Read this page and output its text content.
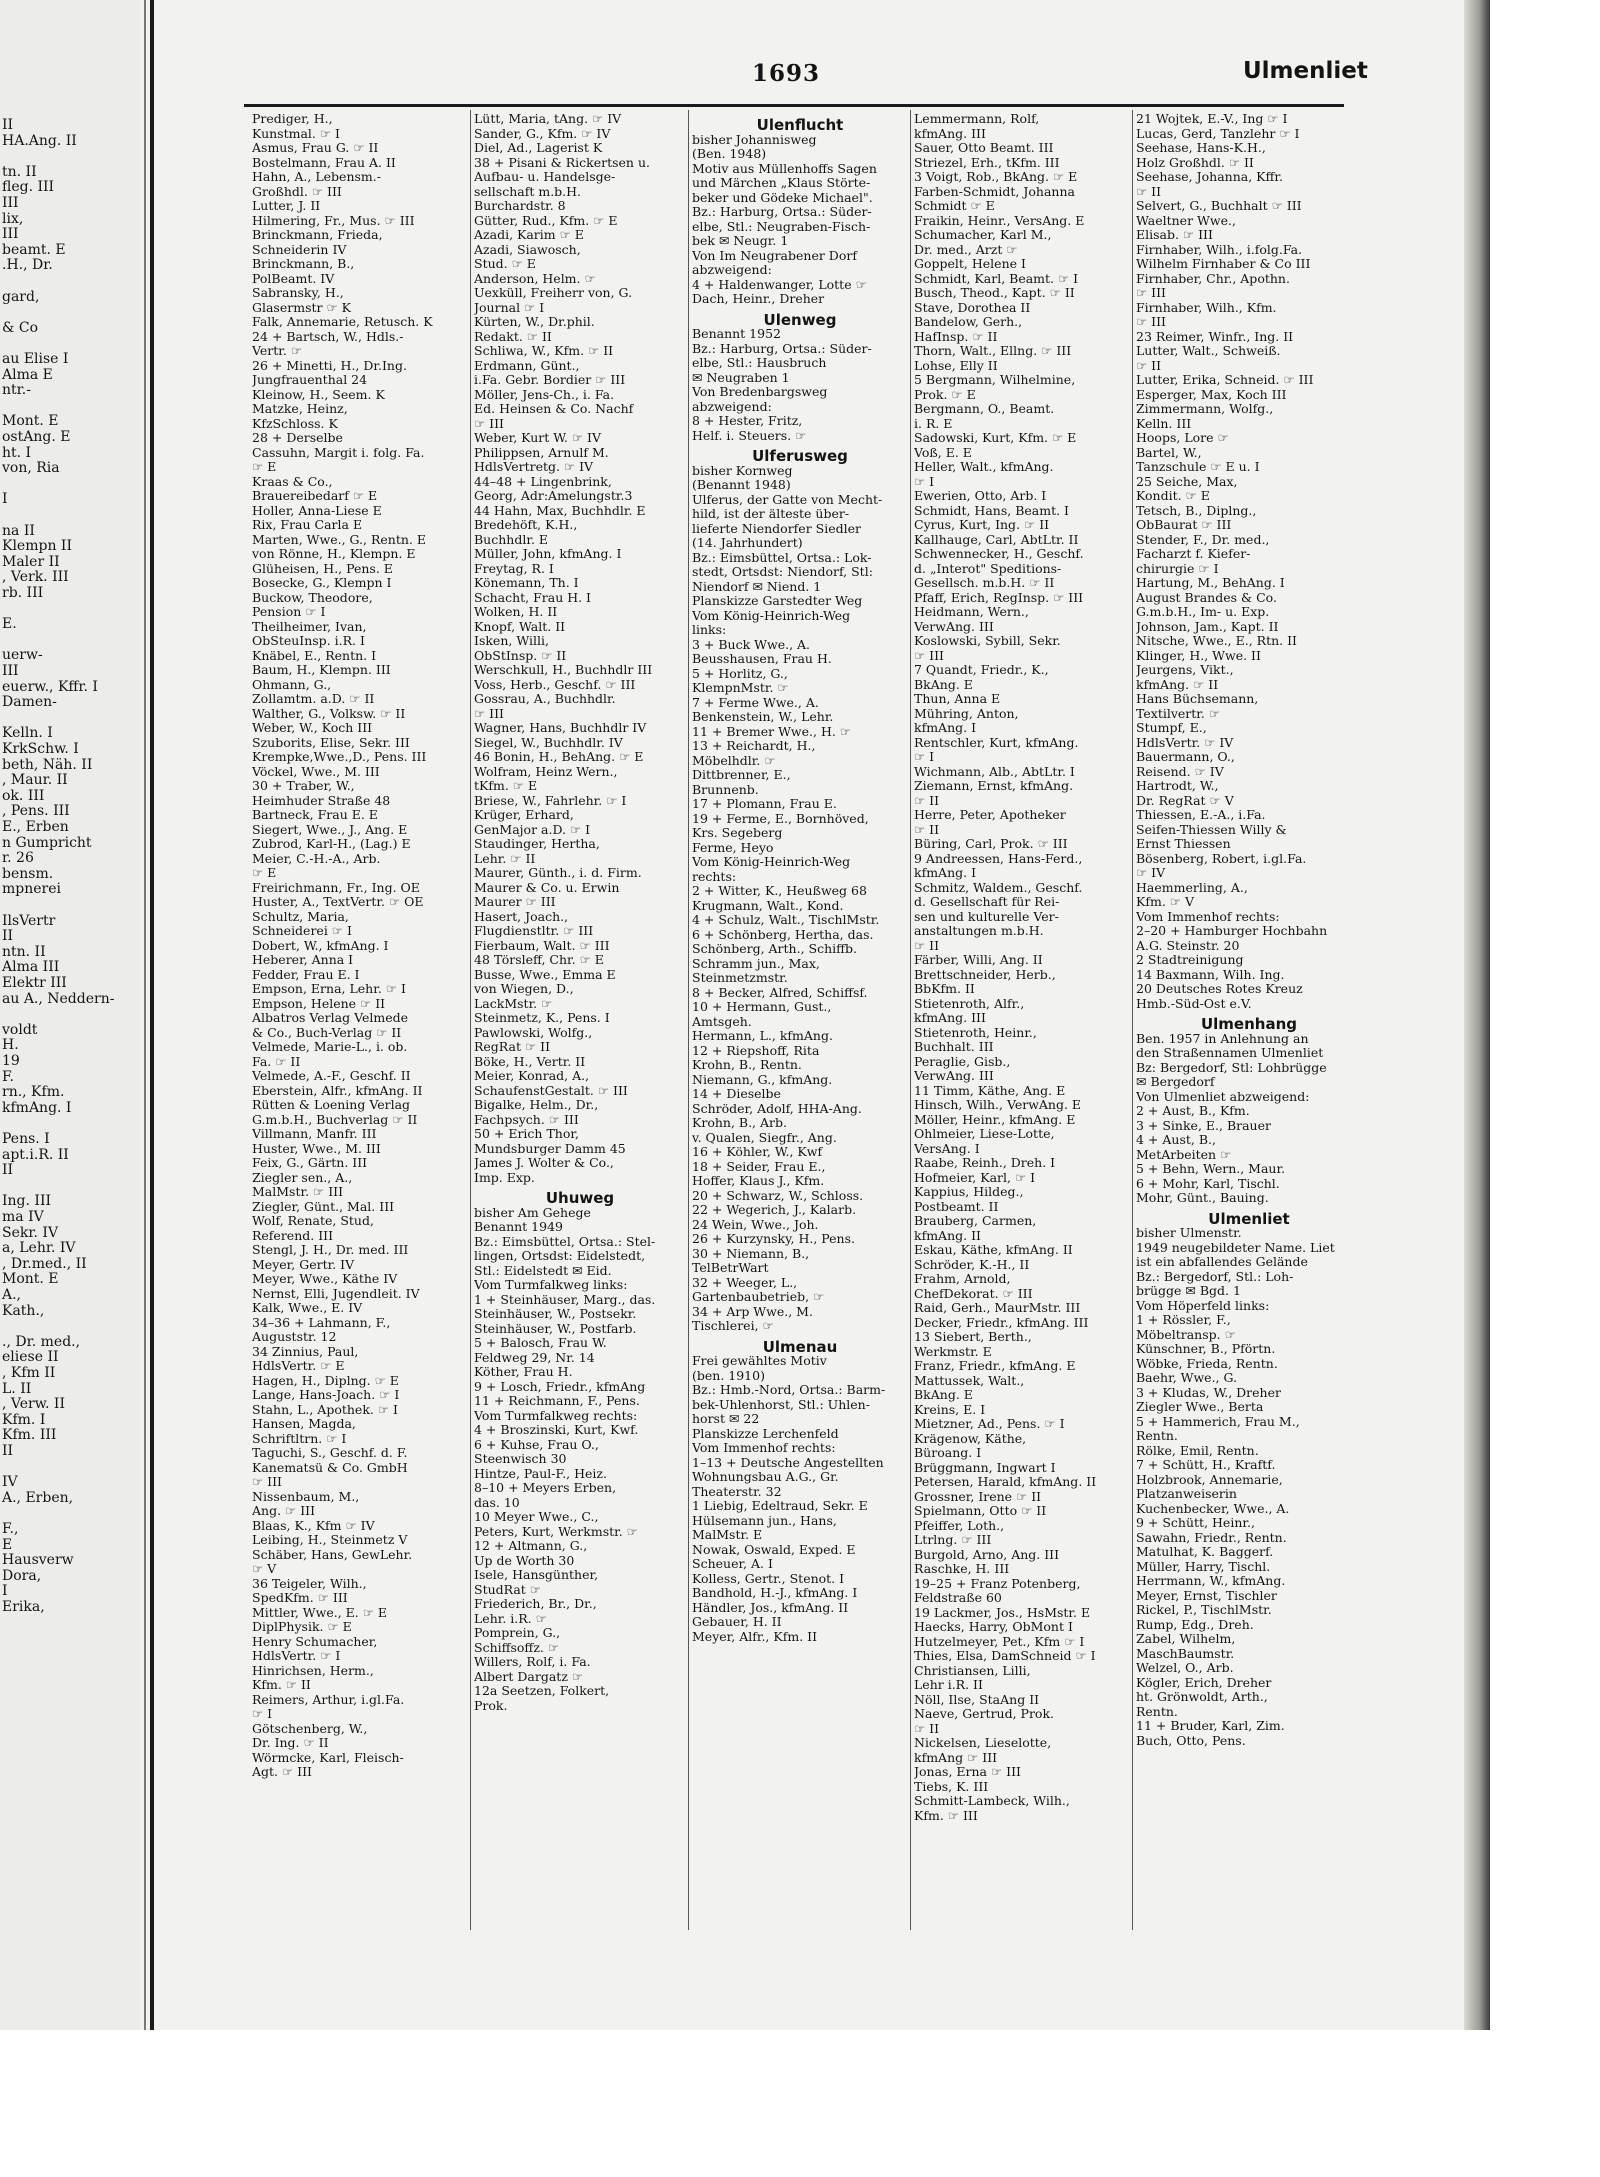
II
HA.Ang. II
tn. II
fleg. III
III
lix,
III
beamt. E
.H., Dr.
gard,
& Co
au Elise I
Alma E
ntr.-
Mont. E
ostAng. E
ht. I
von, Ria
I
na II
Klempn II
Maler II
, Verk. III
rb. III
E.
uerw-
III
euerw., Kffr. I
Damen-
Kelln. I
KrkSchw. I
beth, Näh. II
, Maur. II
ok. III
, Pens. III
E., Erben
n Gumpricht
r. 26
bensm.
mpnerei
IlsVertr
II
ntn. II
Alma III
Elektr III
au A., Neddern-
voldt
H.
19
F.
rn., Kfm.
kfmAng. I
Pens. I
apt.i.R. II
II
Ing. III
ma IV
Sekr. IV
a, Lehr. IV
, Dr.med., II
Mont. E
A.,
Kath.,
., Dr. med.,
eliese II
, Kfm II
L. II
, Verw. II
Kfm. I
Kfm. III
II
IV
A., Erben,
F.,
E
Hausverw
Dora,
I
Erika,
1693	Ulmenliet
Prediger, H.,
Kunstmal. ☞ I
Asmus, Frau G. ☞ II
Bostelmann, Frau A. II
Hahn, A., Lebensm.-
Großhdl. ☞ III
Lutter, J. II
Hilmering, Fr., Mus. ☞ III
Brinckmann, Frieda,
Schneiderin IV
Brinckmann, B.,
PolBeamt. IV
Sabransky, H.,
Glasermstr ☞ K
Falk, Annemarie, Retusch. K
24 + Bartsch, W., Hdls.-
Vertr. ☞
26 + Minetti, H., Dr.Ing.
Jungfrauenthal 24
Kleinow, H., Seem. K
Matzke, Heinz,
KfzSchloss. K
28 + Derselbe
Cassuhn, Margit i. folg. Fa.
☞ E
Kraas & Co.,
Brauereibedarf ☞ E
Holler, Anna-Liese E
Rix, Frau Carla E
Marten, Wwe., G., Rentn. E
von Rönne, H., Klempn. E
Glüheisen, H., Pens. E
Bosecke, G., Klempn I
Buckow, Theodore,
Pension ☞ I
Theilheimer, Ivan,
ObSteuInsp. i.R. I
Knäbel, E., Rentn. I
Baum, H., Klempn. III
Ohmann, G.,
Zollamtm. a.D. ☞ II
Walther, G., Volksw. ☞ II
Weber, W., Koch III
Szuborits, Elise, Sekr. III
Krempke,Wwe.,D., Pens. III
Vöckel, Wwe., M. III
30 + Traber, W.,
Heimhuder Straße 48
Bartneck, Frau E. E
Siegert, Wwe., J., Ang. E
Zubrod, Karl-H., (Lag.) E
Meier, C.-H.-A., Arb.
☞ E
Freirichmann, Fr., Ing. OE
Huster, A., TextVertr. ☞ OE
Schultz, Maria,
Schneiderei ☞ I
Dobert, W., kfmAng. I
Heberer, Anna I
Fedder, Frau E. I
Empson, Erna, Lehr. ☞ I
Empson, Helene ☞ II
Albatros Verlag Velmede
& Co., Buch-Verlag ☞ II
Velmede, Marie-L., i. ob.
Fa. ☞ II
Velmede, A.-F., Geschf. II
Eberstein, Alfr., kfmAng. II
Rütten & Loening Verlag
G.m.b.H., Buchverlag ☞ II
Villmann, Manfr. III
Huster, Wwe., M. III
Feix, G., Gärtn. III
Ziegler sen., A.,
MalMstr. ☞ III
Ziegler, Günt., Mal. III
Wolf, Renate, Stud,
Referend. III
Stengl, J. H., Dr. med. III
Meyer, Gertr. IV
Meyer, Wwe., Käthe IV
Nernst, Elli, Jugendleit. IV
Kalk, Wwe., E. IV
34–36 + Lahmann, F.,
Auguststr. 12
34 Zinnius, Paul,
HdlsVertr. ☞ E
Hagen, H., Diplng. ☞ E
Lange, Hans-Joach. ☞ I
Stahn, L., Apothek. ☞ I
Hansen, Magda,
Schriftltrn. ☞ I
Taguchi, S., Geschf. d. F.
Kanematsü & Co. GmbH
☞ III
Nissenbaum, M.,
Ang. ☞ III
Blaas, K., Kfm ☞ IV
Leibing, H., Steinmetz V
Schäber, Hans, GewLehr.
☞ V
36 Teigeler, Wilh.,
SpedKfm. ☞ III
Mittler, Wwe., E. ☞ E
DiplPhysik. ☞ E
Henry Schumacher,
HdlsVertr. ☞ I
Hinrichsen, Herm.,
Kfm. ☞ II
Reimers, Arthur, i.gl.Fa.
☞ I
Götschenberg, W.,
Dr. Ing. ☞ II
Wörmcke, Karl, Fleisch-
Agt. ☞ III
Lütt, Maria, tAng. ☞ IV
Sander, G., Kfm. ☞ IV
Diel, Ad., Lagerist K
38 + Pisani & Rickertsen u.
Aufbau- u. Handelsge-
sellschaft m.b.H.
Burchardstr. 8
Gütter, Rud., Kfm. ☞ E
Azadi, Karim ☞ E
Azadi, Siawosch,
Stud. ☞ E
Anderson, Helm. ☞
Uexküll, Freiherr von, G.
Journal ☞ I
Kürten, W., Dr.phil.
Redakt. ☞ II
Schliwa, W., Kfm. ☞ II
Erdmann, Günt.,
i.Fa. Gebr. Bordier ☞ III
Möller, Jens-Ch., i. Fa.
Ed. Heinsen & Co. Nachf
☞ III
Weber, Kurt W. ☞ IV
Philippsen, Arnulf M.
HdlsVertretg. ☞ IV
44–48 + Lingenbrink,
Georg, Adr:Amelungstr.3
44 Hahn, Max, Buchhdlr. E
Bredehöft, K.H.,
Buchhdlr. E
Müller, John, kfmAng. I
Freytag, R. I
Könemann, Th. I
Schacht, Frau H. I
Wolken, H. II
Knopf, Walt. II
Isken, Willi,
ObStInsp. ☞ II
Werschkull, H., Buchhdlr III
Voss, Herb., Geschf. ☞ III
Gossrau, A., Buchhdlr.
☞ III
Wagner, Hans, Buchhdlr IV
Siegel, W., Buchhdlr. IV
46 Bonin, H., BehAng. ☞ E
Wolfram, Heinz Wern.,
tKfm. ☞ E
Briese, W., Fahrlehr. ☞ I
Krüger, Erhard,
GenMajor a.D. ☞ I
Staudinger, Hertha,
Lehr. ☞ II
Maurer, Günth., i. d. Firm.
Maurer & Co. u. Erwin
Maurer ☞ III
Hasert, Joach.,
Flugdienstltr. ☞ III
Fierbaum, Walt. ☞ III
48 Törsleff, Chr. ☞ E
Busse, Wwe., Emma E
von Wiegen, D.,
LackMstr. ☞
Steinmetz, K., Pens. I
Pawlowski, Wolfg.,
RegRat ☞ II
Böke, H., Vertr. II
Meier, Konrad, A.,
SchaufenstGestalt. ☞ III
Bigalke, Helm., Dr.,
Fachpsych. ☞ III
50 + Erich Thor,
Mundsburger Damm 45
James J. Wolter & Co.,
Imp. Exp.
Uhuweg
bisher Am Gehege
Benannt 1949
Bz.: Eimsbüttel, Ortsa.: Stel-
lingen, Ortsdst: Eidelstedt,
Stl.: Eidelstedt ✉ Eid.
Vom Turmfalkweg links:
1 + Steinhäuser, Marg., das.
Steinhäuser, W., Postsekr.
Steinhäuser, W., Postfarb.
5 + Balosch, Frau W.
Feldweg 29, Nr. 14
Köther, Frau H.
9 + Losch, Friedr., kfmAng
11 + Reichmann, F., Pens.
Vom Turmfalkweg rechts:
4 + Broszinski, Kurt, Kwf.
6 + Kuhse, Frau O.,
Steenwisch 30
Hintze, Paul-F., Heiz.
8–10 + Meyers Erben,
das. 10
10 Meyer Wwe., C.,
Peters, Kurt, Werkmstr. ☞
12 + Altmann, G.,
Up de Worth 30
Isele, Hansgünther,
StudRat ☞
Friederich, Br., Dr.,
Lehr. i.R. ☞
Pomprein, G.,
Schiffsoffz. ☞
Willers, Rolf, i. Fa.
Albert Dargatz ☞
12a Seetzen, Folkert,
Prok.
Ulenflucht
bisher Johannisweg
(Ben. 1948)
Motiv aus Müllenhoffs Sagen
und Märchen „Klaus Störte-
beker und Gödeke Michael".
Bz.: Harburg, Ortsa.: Süder-
elbe, Stl.: Neugraben-Fisch-
bek ✉ Neugr. 1
Von Im Neugrabener Dorf
abzweigend:
4 + Haldenwanger, Lotte ☞
Dach, Heinr., Dreher
Ulenweg
Benannt 1952
Bz.: Harburg, Ortsa.: Süder-
elbe, Stl.: Hausbruch
✉ Neugraben 1
Von Bredenbargsweg
abzweigend:
8 + Hester, Fritz,
Helf. i. Steuers. ☞
Ulferusweg
bisher Kornweg
(Benannt 1948)
Ulferus, der Gatte von Mecht-
hild, ist der älteste über-
lieferte Niendorfer Siedler
(14. Jahrhundert)
Bz.: Eimsbüttel, Ortsa.: Lok-
stedt, Ortsdst: Niendorf, Stl:
Niendorf ✉ Niend. 1
Planskizze Garstedter Weg
Vom König-Heinrich-Weg
links:
3 + Buck Wwe., A.
Beusshausen, Frau H.
5 + Horlitz, G.,
KlempnMstr. ☞
7 + Ferme Wwe., A.
Benkenstein, W., Lehr.
11 + Bremer Wwe., H. ☞
13 + Reichardt, H.,
Möbelhdlr. ☞
Dittbrenner, E.,
Brunnenb.
17 + Plomann, Frau E.
19 + Ferme, E., Bornhöved,
Krs. Segeberg
Ferme, Heyo
Vom König-Heinrich-Weg
rechts:
2 + Witter, K., Heußweg 68
Krugmann, Walt., Kond.
4 + Schulz, Walt., TischlMstr.
6 + Schönberg, Hertha, das.
Schönberg, Arth., Schiffb.
Schramm jun., Max,
Steinmetzmstr.
8 + Becker, Alfred, Schiffsf.
10 + Hermann, Gust.,
Amtsgeh.
Hermann, L., kfmAng.
12 + Riepshoff, Rita
Krohn, B., Rentn.
Niemann, G., kfmAng.
14 + Dieselbe
Schröder, Adolf, HHA-Ang.
Krohn, B., Arb.
v. Qualen, Siegfr., Ang.
16 + Köhler, W., Kwf
18 + Seider, Frau E.,
Hoffer, Klaus J., Kfm.
20 + Schwarz, W., Schloss.
22 + Wegerich, J., Kalarb.
24 Wein, Wwe., Joh.
26 + Kurzynsky, H., Pens.
30 + Niemann, B.,
TelBetrWart
32 + Weeger, L.,
Gartenbaubetrieb, ☞
34 + Arp Wwe., M.
Tischlerei, ☞
Ulmenau
Frei gewähltes Motiv
(ben. 1910)
Bz.: Hmb.-Nord, Ortsa.: Barm-
bek-Uhlenhorst, Stl.: Uhlen-
horst ✉ 22
Planskizze Lerchenfeld
Vom Immenhof rechts:
1–13 + Deutsche Angestellten
Wohnungsbau A.G., Gr.
Theaterstr. 32
1 Liebig, Edeltraud, Sekr. E
Hülsemann jun., Hans,
MalMstr. E
Nowak, Oswald, Exped. E
Scheuer, A. I
Kolless, Gertr., Stenot. I
Bandhold, H.-J., kfmAng. I
Händler, Jos., kfmAng. II
Gebauer, H. II
Meyer, Alfr., Kfm. II
Lemmermann, Rolf,
kfmAng. III
Sauer, Otto Beamt. III
Striezel, Erh., tKfm. III
3 Voigt, Rob., BkAng. ☞ E
Farben-Schmidt, Johanna
Schmidt ☞ E
Fraikin, Heinr., VersAng. E
Schumacher, Karl M.,
Dr. med., Arzt ☞
Goppelt, Helene I
Schmidt, Karl, Beamt. ☞ I
Busch, Theod., Kapt. ☞ II
Stave, Dorothea II
Bandelow, Gerh.,
HafInsp. ☞ II
Thorn, Walt., Ellng. ☞ III
Lohse, Elly II
5 Bergmann, Wilhelmine,
Prok. ☞ E
Bergmann, O., Beamt.
i. R. E
Sadowski, Kurt, Kfm. ☞ E
Voß, E. E
Heller, Walt., kfmAng.
☞ I
Ewerien, Otto, Arb. I
Schmidt, Hans, Beamt. I
Cyrus, Kurt, Ing. ☞ II
Kallhauge, Carl, AbtLtr. II
Schwennecker, H., Geschf.
d. „Interot" Speditions-
Gesellsch. m.b.H. ☞ II
Pfaff, Erich, RegInsp. ☞ III
Heidmann, Wern.,
VerwAng. III
Koslowski, Sybill, Sekr.
☞ III
7 Quandt, Friedr., K.,
BkAng. E
Thun, Anna E
Mühring, Anton,
kfmAng. I
Rentschler, Kurt, kfmAng.
☞ I
Wichmann, Alb., AbtLtr. I
Ziemann, Ernst, kfmAng.
☞ II
Herre, Peter, Apotheker
☞ II
Büring, Carl, Prok. ☞ III
9 Andreessen, Hans-Ferd.,
kfmAng. I
Schmitz, Waldem., Geschf.
d. Gesellschaft für Rei-
sen und kulturelle Ver-
anstaltungen m.b.H.
☞ II
Färber, Willi, Ang. II
Brettschneider, Herb.,
BbKfm. II
Stietenroth, Alfr.,
kfmAng. III
Stietenroth, Heinr.,
Buchhalt. III
Peraglie, Gisb.,
VerwAng. III
11 Timm, Käthe, Ang. E
Hinsch, Wilh., VerwAng. E
Möller, Heinr., kfmAng. E
Ohlmeier, Liese-Lotte,
VersAng. I
Raabe, Reinh., Dreh. I
Hofmeier, Karl, ☞ I
Kappius, Hildeg.,
Postbeamt. II
Brauberg, Carmen,
kfmAng. II
Eskau, Käthe, kfmAng. II
Schröder, K.-H., II
Frahm, Arnold,
ChefDekorat. ☞ III
Raid, Gerh., MaurMstr. III
Decker, Friedr., kfmAng. III
13 Siebert, Berth.,
Werkmstr. E
Franz, Friedr., kfmAng. E
Mattussek, Walt.,
BkAng. E
Kreins, E. I
Mietzner, Ad., Pens. ☞ I
Krägenow, Käthe,
Büroang. I
Brüggmann, Ingwart I
Petersen, Harald, kfmAng. II
Grossner, Irene ☞ II
Spielmann, Otto ☞ II
Pfeiffer, Loth.,
Ltrlng. ☞ III
Burgold, Arno, Ang. III
Raschke, H. III
19–25 + Franz Potenberg,
Feldstraße 60
19 Lackmer, Jos., HsMstr. E
Haecks, Harry, ObMont I
Hutzelmeyer, Pet., Kfm ☞ I
Thies, Elsa, DamSchneid ☞ I
Christiansen, Lilli,
Lehr i.R. II
Nöll, Ilse, StaAng II
Naeve, Gertrud, Prok.
☞ II
Nickelsen, Lieselotte,
kfmAng ☞ III
Jonas, Erna ☞ III
Tiebs, K. III
Schmitt-Lambeck, Wilh.,
Kfm. ☞ III
21 Wojtek, E.-V., Ing ☞ I
Lucas, Gerd, Tanzlehr ☞ I
Seehase, Hans-K.H.,
Holz Großhdl. ☞ II
Seehase, Johanna, Kffr.
☞ II
Selvert, G., Buchhalt ☞ III
Waeltner Wwe.,
Elisab. ☞ III
Firnhaber, Wilh., i.folg.Fa.
Wilhelm Firnhaber & Co III
Firnhaber, Chr., Apothn.
☞ III
Firnhaber, Wilh., Kfm.
☞ III
23 Reimer, Winfr., Ing. II
Lutter, Walt., Schweiß.
☞ II
Lutter, Erika, Schneid. ☞ III
Esperger, Max, Koch III
Zimmermann, Wolfg.,
Kelln. III
Hoops, Lore ☞
Bartel, W.,
Tanzschule ☞ E u. I
25 Seiche, Max,
Kondit. ☞ E
Tetsch, B., Diplng.,
ObBaurat ☞ III
Stender, F., Dr. med.,
Facharzt f. Kiefer-
chirurgie ☞ I
Hartung, M., BehAng. I
August Brandes & Co.
G.m.b.H., Im- u. Exp.
Johnson, Jam., Kapt. II
Nitsche, Wwe., E., Rtn. II
Klinger, H., Wwe. II
Jeurgens, Vikt.,
kfmAng. ☞ II
Hans Büchsemann,
Textilvertr. ☞
Stumpf, E.,
HdlsVertr. ☞ IV
Bauermann, O.,
Reisend. ☞ IV
Hartrodt, W.,
Dr. RegRat ☞ V
Thiessen, E.-A., i.Fa.
Seifen-Thiessen Willy &
Ernst Thiessen
Bösenberg, Robert, i.gl.Fa.
☞ IV
Haemmerling, A.,
Kfm. ☞ V
Vom Immenhof rechts:
2–20 + Hamburger Hochbahn
A.G. Steinstr. 20
2 Stadtreinigung
14 Baxmann, Wilh. Ing.
20 Deutsches Rotes Kreuz
Hmb.-Süd-Ost e.V.
Ulmenhang
Ben. 1957 in Anlehnung an
den Straßennamen Ulmenliet
Bz: Bergedorf, Stl: Lohbrügge
✉ Bergedorf
Von Ulmenliet abzweigend:
2 + Aust, B., Kfm.
3 + Sinke, E., Brauer
4 + Aust, B.,
MetArbeiten ☞
5 + Behn, Wern., Maur.
6 + Mohr, Karl, Tischl.
Mohr, Günt., Bauing.
Ulmenliet
bisher Ulmenstr.
1949 neugebildeter Name. Liet
ist ein abfallendes Gelände
Bz.: Bergedorf, Stl.: Loh-
brügge ✉ Bgd. 1
Vom Höperfeld links:
1 + Rössler, F.,
Möbeltransp. ☞
Künschner, B., Pförtn.
Wöbke, Frieda, Rentn.
Baehr, Wwe., G.
3 + Kludas, W., Dreher
Ziegler Wwe., Berta
5 + Hammerich, Frau M.,
Rentn.
Rölke, Emil, Rentn.
7 + Schütt, H., Kraftf.
Holzbrook, Annemarie,
Platzanweiserin
Kuchenbecker, Wwe., A.
9 + Schütt, Heinr.,
Sawahn, Friedr., Rentn.
Matulhat, K. Baggerf.
Müller, Harry, Tischl.
Herrmann, W., kfmAng.
Meyer, Ernst, Tischler
Rickel, P., TischlMstr.
Rump, Edg., Dreh.
Zabel, Wilhelm,
MaschBaumstr.
Welzel, O., Arb.
Kögler, Erich, Dreher
ht. Grönwoldt, Arth.,
Rentn.
11 + Bruder, Karl, Zim.
Buch, Otto, Pens.
